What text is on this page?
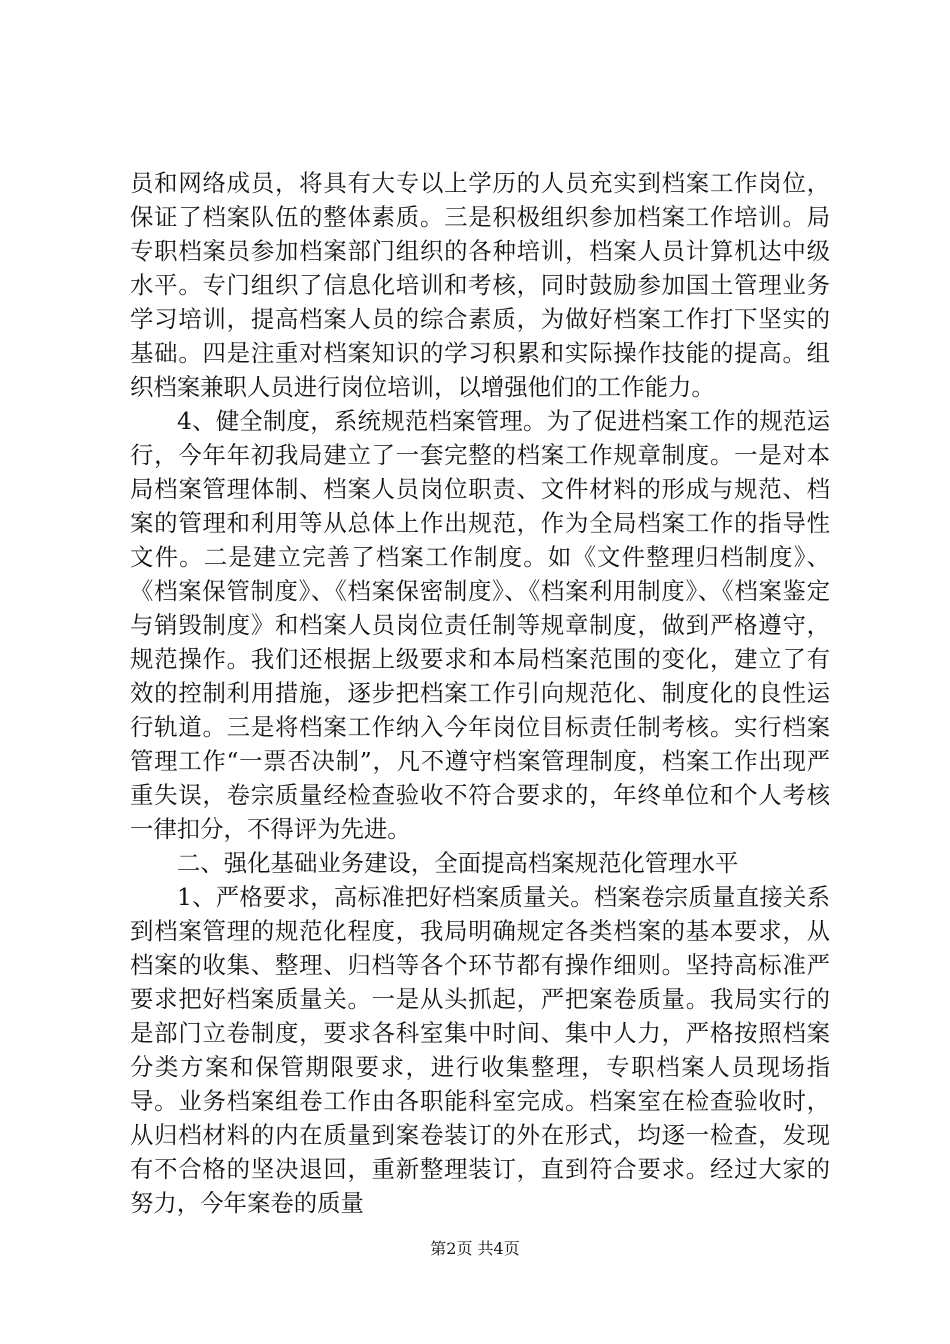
员和网络成员，将具有大专以上学历的人员充实到档案工作岗位，保证了档案队伍的整体素质。三是积极组织参加档案工作培训。局专职档案员参加档案部门组织的各种培训，档案人员计算机达中级水平。专门组织了信息化培训和考核，同时鼓励参加国土管理业务学习培训，提高档案人员的综合素质，为做好档案工作打下坚实的基础。四是注重对档案知识的学习积累和实际操作技能的提高。组织档案兼职人员进行岗位培训，以增强他们的工作能力。

4、健全制度，系统规范档案管理。为了促进档案工作的规范运行，今年年初我局建立了一套完整的档案工作规章制度。一是对本局档案管理体制、档案人员岗位职责、文件材料的形成与规范、档案的管理和利用等从总体上作出规范，作为全局档案工作的指导性文件。二是建立完善了档案工作制度。如《文件整理归档制度》、《档案保管制度》、《档案保密制度》、《档案利用制度》、《档案鉴定与销毁制度》和档案人员岗位责任制等规章制度，做到严格遵守，规范操作。我们还根据上级要求和本局档案范围的变化，建立了有效的控制利用措施，逐步把档案工作引向规范化、制度化的良性运行轨道。三是将档案工作纳入今年岗位目标责任制考核。实行档案管理工作“一票否决制”，凡不遵守档案管理制度，档案工作出现严重失误，卷宗质量经检查验收不符合要求的，年终单位和个人考核一律扣分，不得评为先进。

二、强化基础业务建设，全面提高档案规范化管理水平

1、严格要求，高标准把好档案质量关。档案卷宗质量直接关系到档案管理的规范化程度，我局明确规定各类档案的基本要求，从档案的收集、整理、归档等各个环节都有操作细则。坚持高标准严要求把好档案质量关。一是从头抓起，严把案卷质量。我局实行的是部门立卷制度，要求各科室集中时间、集中人力，严格按照档案分类方案和保管期限要求，进行收集整理，专职档案人员现场指导。业务档案组卷工作由各职能科室完成。档案室在检查验收时，从归档材料的内在质量到案卷装订的外在形式，均逐一检查，发现有不合格的坚决退回，重新整理装订，直到符合要求。经过大家的努力，今年案卷的质量

第2页 共4页
